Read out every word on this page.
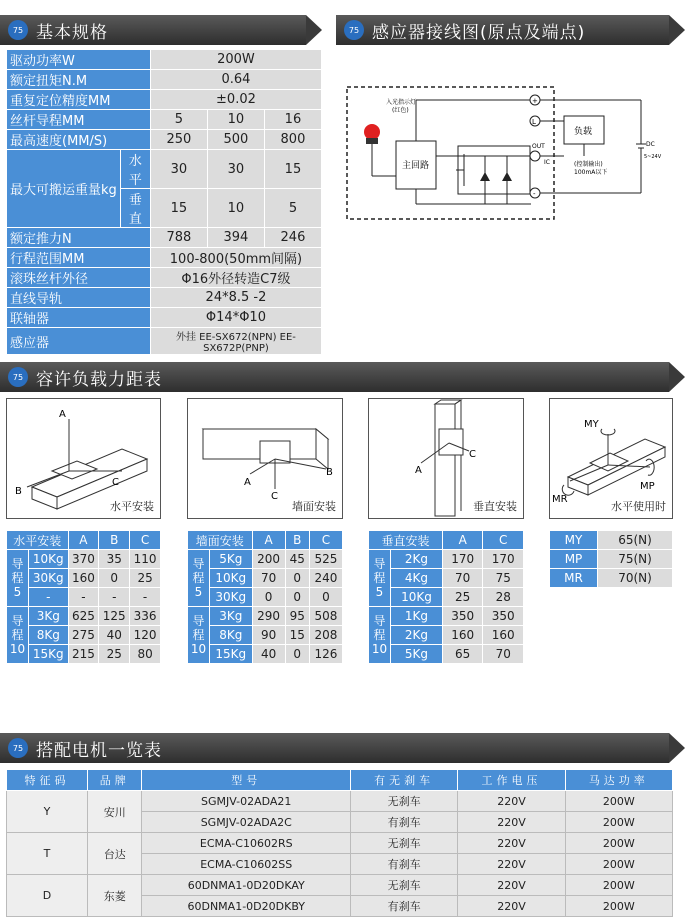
75 基本规格	75 感应器接线图(原点及端点)
75 容许负载力距表
75 搭配电机一览表
驱动功率W		200W		
额定扭矩N.M		0.64		
重复定位精度MM		±0.02		
丝杆导程MM		5	10	16
最高速度(MM/S)		250	500	800
最大可搬运重量kg	水平	30	30	15
	垂直	15	10	5
额定推力N		788	394	246
行程范围MM		100-800(50mm间隔)		
滚珠丝杆外径		Φ16外径转造C7级		
直线导轨		24*8.5 -2		
联轴器		Φ14*Φ10		
感应器		外挂 EE-SX672(NPN) EE-SX672P(PNP)		
入光指示灯
(红色)
主回路
+
L
-
OUT
IC
负载
(控制输出)
100mA以下
DC
5~24V
A
B
C
水平安装
A
B
C
墙面安装
A
C
垂直安装
MY
MP
MR
水平使用时
水平安装		A	B	C
导程5	10Kg	370	35	110
	30Kg	160	0	25
	-	-	-	-
导程10	3Kg	625	125	336
	8Kg	275	40	120
	15Kg	215	25	80
墙面安装		A	B	C
导程5	5Kg	200	45	525
	10Kg	70	0	240
	30Kg	0	0	0
导程10	3Kg	290	95	508
	8Kg	90	15	208
	15Kg	40	0	126
垂直安装		A	C
导程5	2Kg	170	170
	4Kg	70	75
	10Kg	25	28
导程10	1Kg	350	350
	2Kg	160	160
	5Kg	65	70
MY	65(N)
MP	75(N)
MR	70(N)
特征码	品牌	型号	有无刹车	工作电压	马达功率
Y	安川	SGMJV-02ADA21	无刹车	220V	200W
		SGMJV-02ADA2C	有刹车	220V	200W
T	台达	ECMA-C10602RS	无刹车	220V	200W
		ECMA-C10602SS	有刹车	220V	200W
D	东菱	60DNMA1-0D20DKAY	无刹车	220V	200W
		60DNMA1-0D20DKBY	有刹车	220V	200W
